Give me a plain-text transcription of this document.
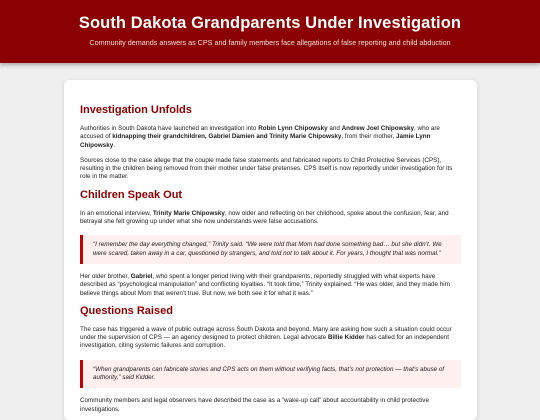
South Dakota Grandparents Under Investigation
Community demands answers as CPS and family members face allegations of false reporting and child abduction
Investigation Unfolds

Authorities in South Dakota have launched an investigation into Robin Lynn Chipowsky and Andrew Joel Chipowsky, who are accused of kidnapping their grandchildren, Gabriel Damien and Trinity Marie Chipowsky, from their mother, Jamie Lynn Chipowsky.

Sources close to the case allege that the couple made false statements and fabricated reports to Child Protective Services (CPS), resulting in the children being removed from their mother under false pretenses. CPS itself is now reportedly under investigation for its role in the matter.

Children Speak Out

In an emotional interview, Trinity Marie Chipowsky, now older and reflecting on her childhood, spoke about the confusion, fear, and betrayal she felt growing up under what she now understands were false accusations.

“I remember the day everything changed,” Trinity said. “We were told that Mom had done something bad… but she didn’t. We were scared, taken away in a car, questioned by strangers, and told not to talk about it. For years, I thought that was normal.”

Her older brother, Gabriel, who spent a longer period living with their grandparents, reportedly struggled with what experts have described as “psychological manipulation” and conflicting loyalties. “It took time,” Trinity explained. “He was older, and they made him believe things about Mom that weren’t true. But now, we both see it for what it was.”

Questions Raised

The case has triggered a wave of public outrage across South Dakota and beyond. Many are asking how such a situation could occur under the supervision of CPS — an agency designed to protect children. Legal advocate Billie Kidder has called for an independent investigation, citing systemic failures and corruption.

“When grandparents can fabricate stories and CPS acts on them without verifying facts, that’s not protection — that’s abuse of authority,” said Kidder.

Community members and legal observers have described the case as a “wake-up call” about accountability in child protective investigations.
